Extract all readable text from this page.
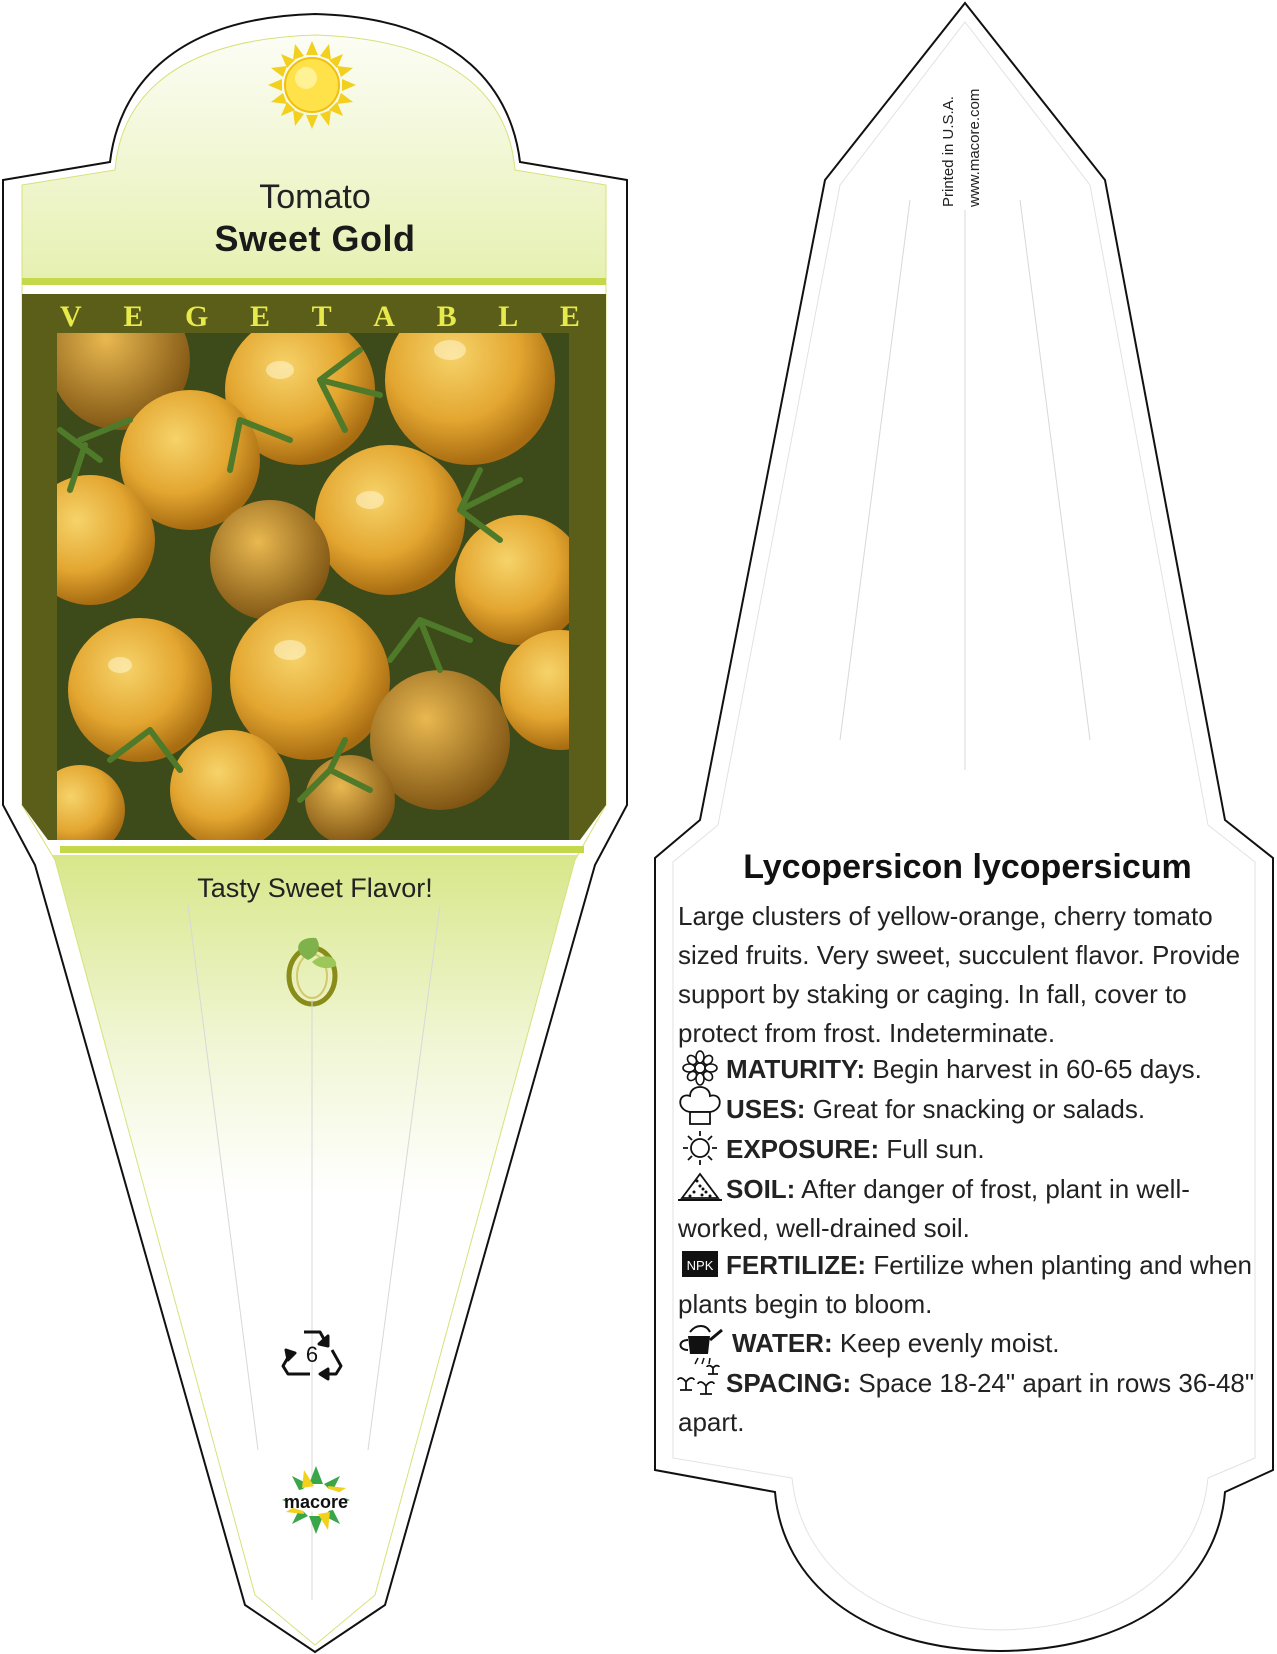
NPK
Tomato
Sweet Gold
V E G E T A B L E
Tasty Sweet Flavor!
6
macore
Printed in U.S.A. www.macore.com
Lycopersicon lycopersicum
Large clusters of yellow-orange, cherry tomato sized fruits. Very sweet, succulent flavor. Provide support by staking or caging. In fall, cover to protect from frost. Indeterminate.
MATURITY: Begin harvest in 60-65 days.
USES: Great for snacking or salads.
EXPOSURE: Full sun.
SOIL: After danger of frost, plant in well-worked, well-drained soil.
FERTILIZE: Fertilize when planting and when plants begin to bloom.
WATER: Keep evenly moist.
SPACING: Space 18-24" apart in rows 36-48" apart.
